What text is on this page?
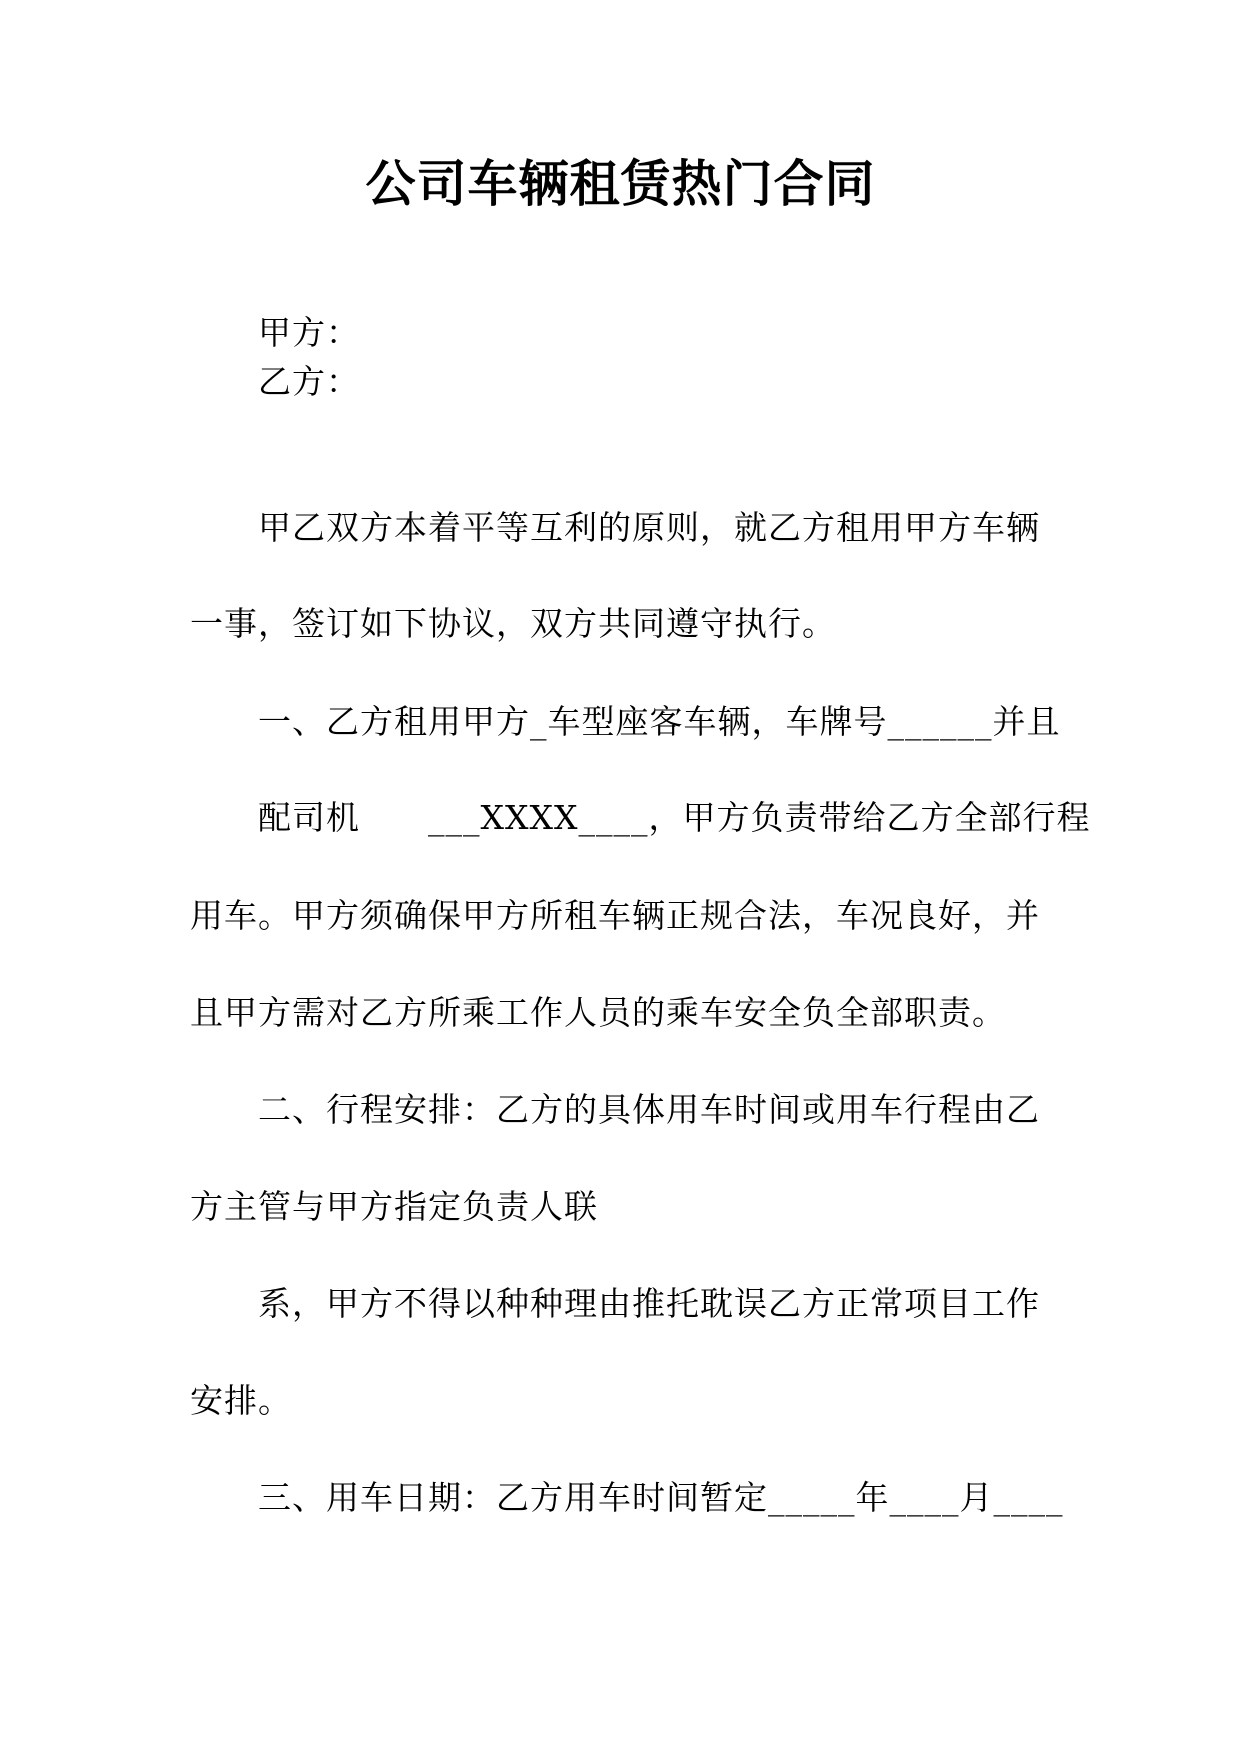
公司车辆租赁热门合同
甲方：
乙方：
甲乙双方本着平等互利的原则，就乙方租用甲方车辆
一事，签订如下协议，双方共同遵守执行。
一、乙方租用甲方_车型座客车辆，车牌号______并且
配司机　　___XXXX____，甲方负责带给乙方全部行程
用车。甲方须确保甲方所租车辆正规合法，车况良好，并
且甲方需对乙方所乘工作人员的乘车安全负全部职责。
二、行程安排：乙方的具体用车时间或用车行程由乙
方主管与甲方指定负责人联
系，甲方不得以种种理由推托耽误乙方正常项目工作
安排。
三、用车日期：乙方用车时间暂定_____年____月____
